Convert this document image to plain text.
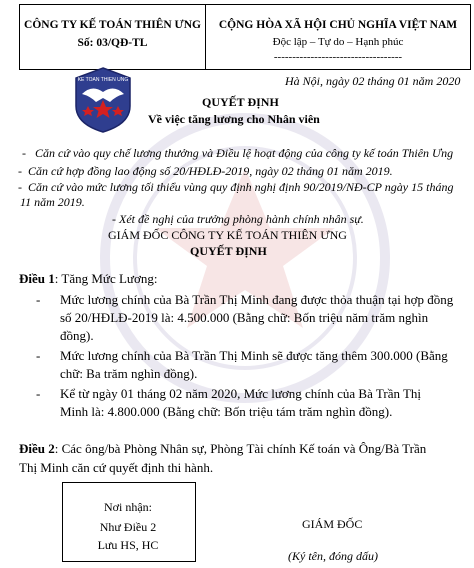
CÔNG TY KẾ TOÁN THIÊN ƯNG
Số: 03/QĐ-TL
CỘNG HÒA XÃ HỘI CHỦ NGHĨA VIỆT NAM
Độc lập – Tự do – Hạnh phúc
-----------------------------------
KE TOAN THIEN UNG	Hà Nội, ngày 02 tháng 01 năm 2020
QUYẾT ĐỊNH
Về việc tăng lương cho Nhân viên
- Căn cứ vào quy chế lương thưởng và Điều lệ hoạt động của công ty kế toán Thiên Ưng
- Căn cứ hợp đồng lao động số 20/HĐLĐ-2019, ngày 02 tháng 01 năm 2019.
- Căn cứ vào mức lương tối thiểu vùng quy định nghị định 90/2019/NĐ-CP ngày 15 tháng
11 năm 2019.
- Xét đề nghị của trưởng phòng hành chính nhân sự.
GIÁM ĐỐC CÔNG TY KẾ TOÁN THIÊN ƯNG
QUYẾT ĐỊNH
Điều 1: Tăng Mức Lương:
- Mức lương chính của Bà Trần Thị Minh đang được thỏa thuận tại hợp đồng
số 20/HĐLĐ-2019 là: 4.500.000 (Bằng chữ: Bốn triệu năm trăm nghìn
đồng).
- Mức lương chính của Bà Trần Thị Minh sẽ được tăng thêm 300.000 (Bằng
chữ: Ba trăm nghìn đồng).
- Kể từ ngày 01 tháng 02 năm 2020, Mức lương chính của Bà Trần Thị
Minh là: 4.800.000 (Bằng chữ: Bốn triệu tám trăm nghìn đồng).
Điều 2: Các ông/bà Phòng Nhân sự, Phòng Tài chính Kế toán và Ông/Bà Trần
Thị Minh căn cứ quyết định thi hành.
Nơi nhận:
Như Điều 2
Lưu HS, HC
GIÁM ĐỐC
(Ký tên, đóng dấu)
